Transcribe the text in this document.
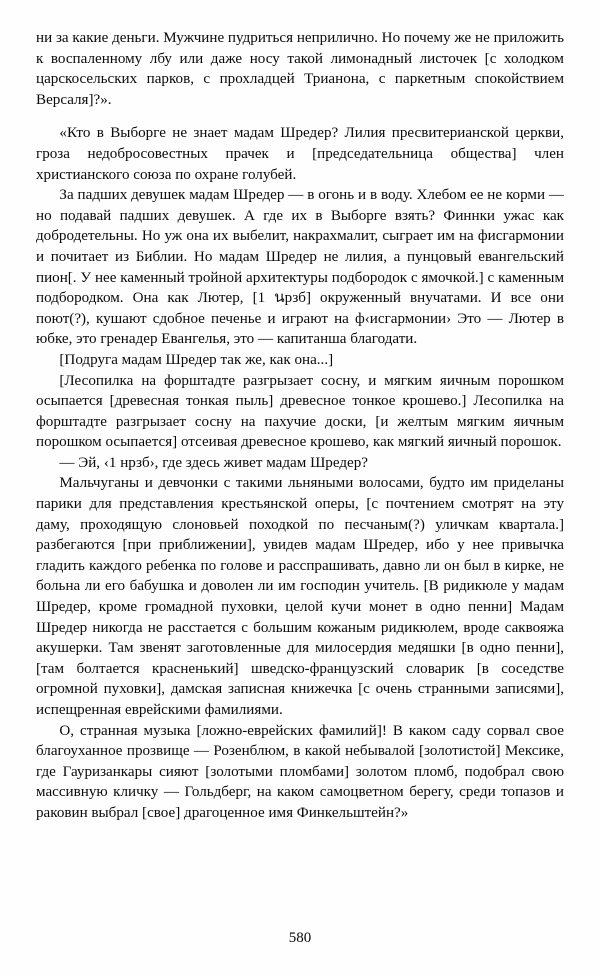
ни за какие деньги. Мужчине пудриться неприлично. Но почему же не приложить к воспаленному лбу или даже носу такой лимонадный листочек [с холодком царскосельских парков, с прохладцей Трианона, с паркетным спокойствием Версаля]?».

«Кто в Выборге не знает мадам Шредер? Лилия пресвитерианской церкви, гроза недобросовестных прачек и [председательница общества] член христианского союза по охране голубей.

За падших девушек мадам Шредер — в огонь и в воду. Хлебом ее не корми — но подавай падших девушек. А где их в Выборге взять? Финнки ужас как добродетельны. Но уж она их выбелит, накрахмалит, сыграет им на фисгармонии и почитает из Библии. Но мадам Шредер не лилия, а пунцовый евангельский пион[. У нее каменный тройной архитектуры подбородок с ямочкой.] с каменным подбородком. Она как Лютер, [1 นрзб] окруженный внучатами. И все они поют(?), кушают сдобное печенье и играют на ф‹исгармонии› Это — Лютер в юбке, это гренадер Евангелья, это — капитанша благодати.

[Подруга мадам Шредер так же, как она...]

[Лесопилка на форштадте разгрызает сосну, и мягким яичным порошком осыпается [древесная тонкая пыль] древесное тонкое крошево.] Лесопилка на форштадте разгрызает сосну на пахучие доски, [и желтым мягким яичным порошком осыпается] отсеивая древесное крошево, как мягкий яичный порошок.

— Эй, ‹1 нрзб›, где здесь живет мадам Шредер?

Мальчуганы и девчонки с такими льняными волосами, будто им приделаны парики для представления крестьянской оперы, [с почтением смотрят на эту даму, проходящую слоновьей походкой по песчаным(?) уличкам квартала.] разбегаются [при приближении], увидев мадам Шредер, ибо у нее привычка гладить каждого ребенка по голове и расспрашивать, давно ли он был в кирке, не больна ли его бабушка и доволен ли им господин учитель. [В ридикюле у мадам Шредер, кроме громадной пуховки, целой кучи монет в одно пенни] Мадам Шредер никогда не расстается с большим кожаным ридикюлем, вроде саквояжа акушерки. Там звенят заготовленные для милосердия медяшки [в одно пенни], [там болтается красненький] шведско-французский словарик [в соседстве огромной пуховки], дамская записная книжечка [с очень странными записями], испещренная еврейскими фамилиями.

О, странная музыка [ложно-еврейских фамилий]! В каком саду сорвал свое благоуханное прозвище — Розенблюм, в какой небывалой [золотистой] Мексике, где Гауризанкары сияют [золотыми пломбами] золотом пломб, подобрал свою массивную кличку — Гольдберг, на каком самоцветном берегу, среди топазов и раковин выбрал [свое] драгоценное имя Финкельштейн?»

580
